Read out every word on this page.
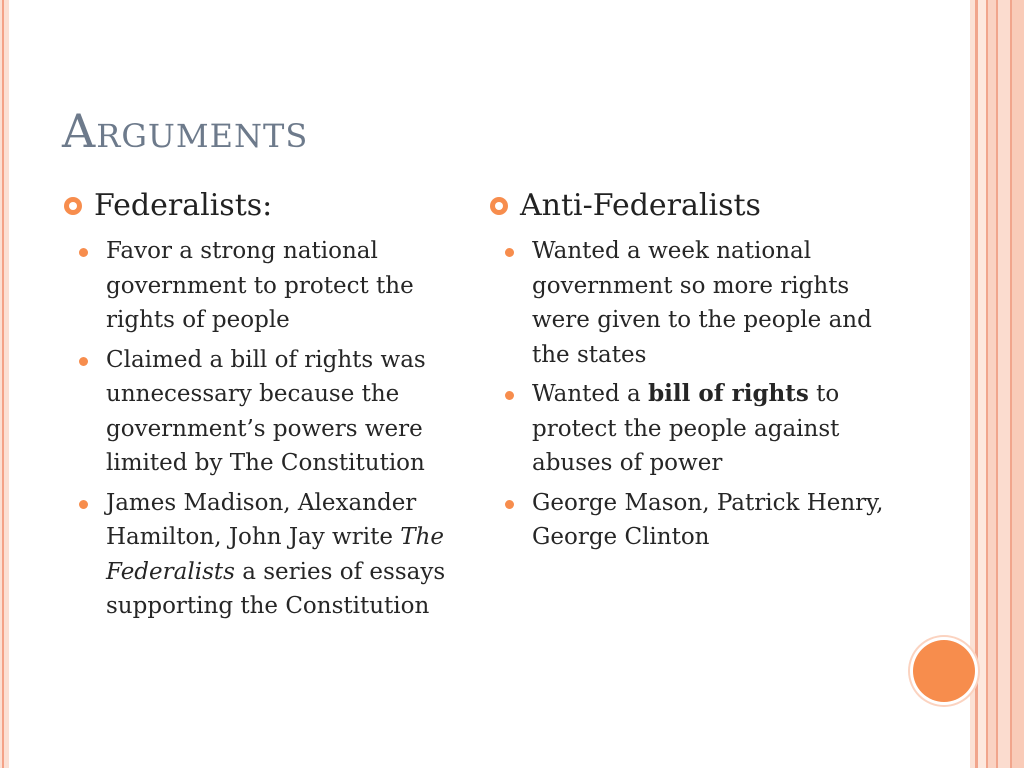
Arguments
Federalists:
Favor a strong national government to protect the rights of people
Claimed a bill of rights was unnecessary because the government’s powers were limited by The Constitution
James Madison, Alexander Hamilton, John Jay write The Federalists a series of essays supporting the Constitution
Anti-Federalists
Wanted a week national government so more rights were given to the people and the states
Wanted a bill of rights to protect the people against abuses of power
George Mason, Patrick Henry, George Clinton
